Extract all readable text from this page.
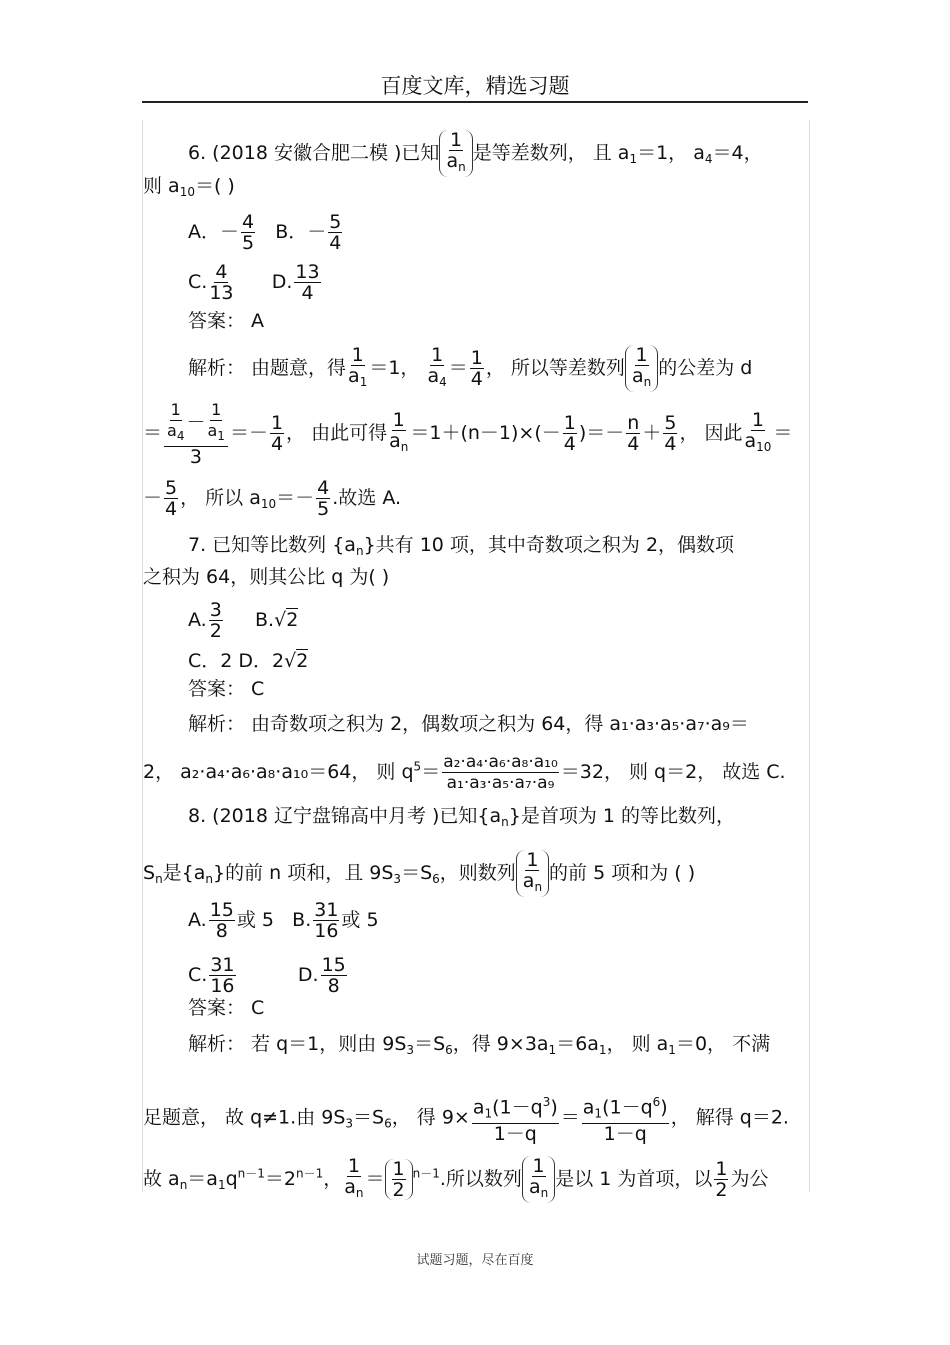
百度文库，精选习题
6. (2018 安徽合肥二模 )已知 $\frac{1}{a_n}$ 是等差数列， 且 $a_1=1$， $a_4=4$，
则 $a_{10}=$( )
A．－ $\frac{4}{5}$ B．－ $\frac{5}{4}$
C. $\frac{4}{13} D$. $\frac{13}{4}$
答案： A
解析： 由题意，得 $\frac{1}{a_1} =1$， $\frac{1}{a_4} = \frac{1}{4}$ ， 所以等差数列 $\frac{1}{a_n}$ 的公差为 d
＝ $\frac{\frac{1}{a_4} - \frac{1}{a_1}}{3} =- \frac{1}{4}$ ， 由此可得 $\frac{1}{a_n} =1+(n-1)\times(- \frac{1}{4}$ )＝－ $\frac{n}{4} + \frac{5}{4}$ ， 因此 $\frac{1}{a_{10}}$ ＝
－ $\frac{5}{4}$ ， 所以 $a_{10}=- \frac{4}{5}$ .故选 A.
7. 已知等比数列 $\{a_n\}$共有 10 项，其中奇数项之积为 2，偶数项
之积为 64，则其公比 q 为( )
A. $\frac{3}{2} B.√2$
C．2 D．2√2
答案： C
解析： 由奇数项之积为 2，偶数项之积为 64，得 a₁·a₃·a₅·a₇·a₉＝
2， a₂·a₄·a₆·a₈·a₁₀＝64， 则 $q^5= \frac{\text{a₂·a₄·a₆·a₈·a₁₀}}{\text{a₁·a₃·a₅·a₇·a₉}} =32$， 则 q＝2， 故选 C.
8. (2018 辽宁盘锦高中月考 )已知$\{a_n\}$是首项为 1 的等比数列，
$S_n$是$\{a_n\}$的前 n 项和，且 $9S_3=S_6$，则数列 $\frac{1}{a_n}$ 的前 5 项和为 ( )
A. $\frac{15}{8}$ 或 5 B. $\frac{31}{16}$ 或 5
C. $\frac{31}{16}$	D. $\frac{15}{8}$
答案： C
解析： 若 q＝1，则由 $9S_3=S_6$，得 $9\times 3a_1=6a_1$， 则 $a_1=0$， 不满
足题意， 故 q≠1.由 $9S_3=S_6$， 得 $9\times \frac{a_1(1-q^3)}{1-q} = \frac{a_1(1-q^6)}{1-q}$ ， 解得 q＝2.
故 $a_n=a_1q^{n-1}=2^{n-1}$， $\frac{1}{a_n} = \frac{1}{2} ^{n-1}$.所以数列 $\frac{1}{a_n}$ 是以 1 为首项，以 $\frac{1}{2}$ 为公
试题习题，尽在百度
